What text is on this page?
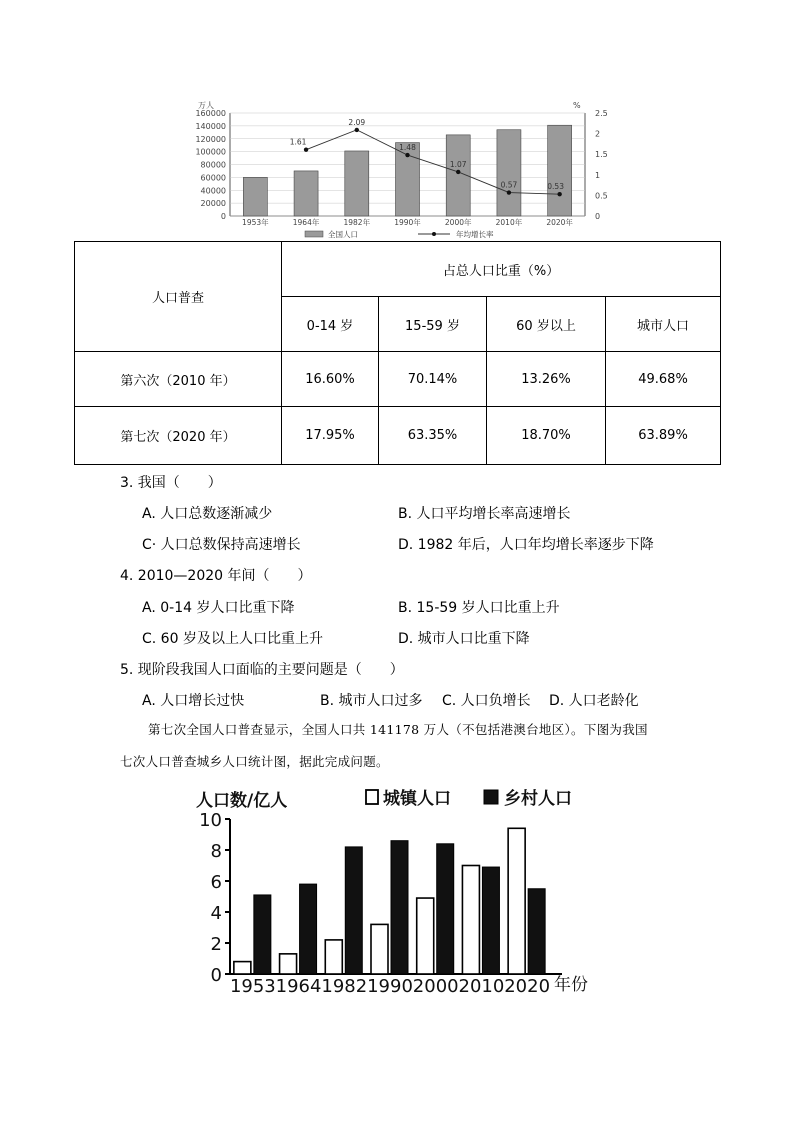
万人	%
160000
140000
120000
100000
80000
60000
40000
20000
0
2.5
2
1.5
1
0.5
0
1953年	1964年	1982年	1990年	2000年	2010年	2020年
1.61
2.09
1.48
1.07
0.57	0.53
全国人口	年均增长率
人口普查	占总人口比重（%）			
	0-14 岁	15-59 岁	60 岁以上	城市人口
第六次（2010 年）	16.60%	70.14%	13.26%	49.68%
第七次（2020 年）	17.95%	63.35%	18.70%	63.89%
3. 我国（　　）
A. 人口总数逐渐减少	B. 人口平均增长率高速增长
C· 人口总数保持高速增长	D. 1982 年后，人口年均增长率逐步下降
4. 2010—2020 年间（　　）
A. 0-14 岁人口比重下降	B. 15-59 岁人口比重上升
C. 60 岁及以上人口比重上升	D. 城市人口比重下降
5. 现阶段我国人口面临的主要问题是（　　）
A. 人口增长过快	B. 城市人口过多 C. 人口负增长 D. 人口老龄化
第七次全国人口普查显示，全国人口共 141178 万人（不包括港澳台地区）。下图为我国
七次人口普查城乡人口统计图，据此完成问题。
人口数/亿人
10
8
6
4
2
0
1953 1964 1982 1990 2000 2010 2020 年份
城镇人口	乡村人口
